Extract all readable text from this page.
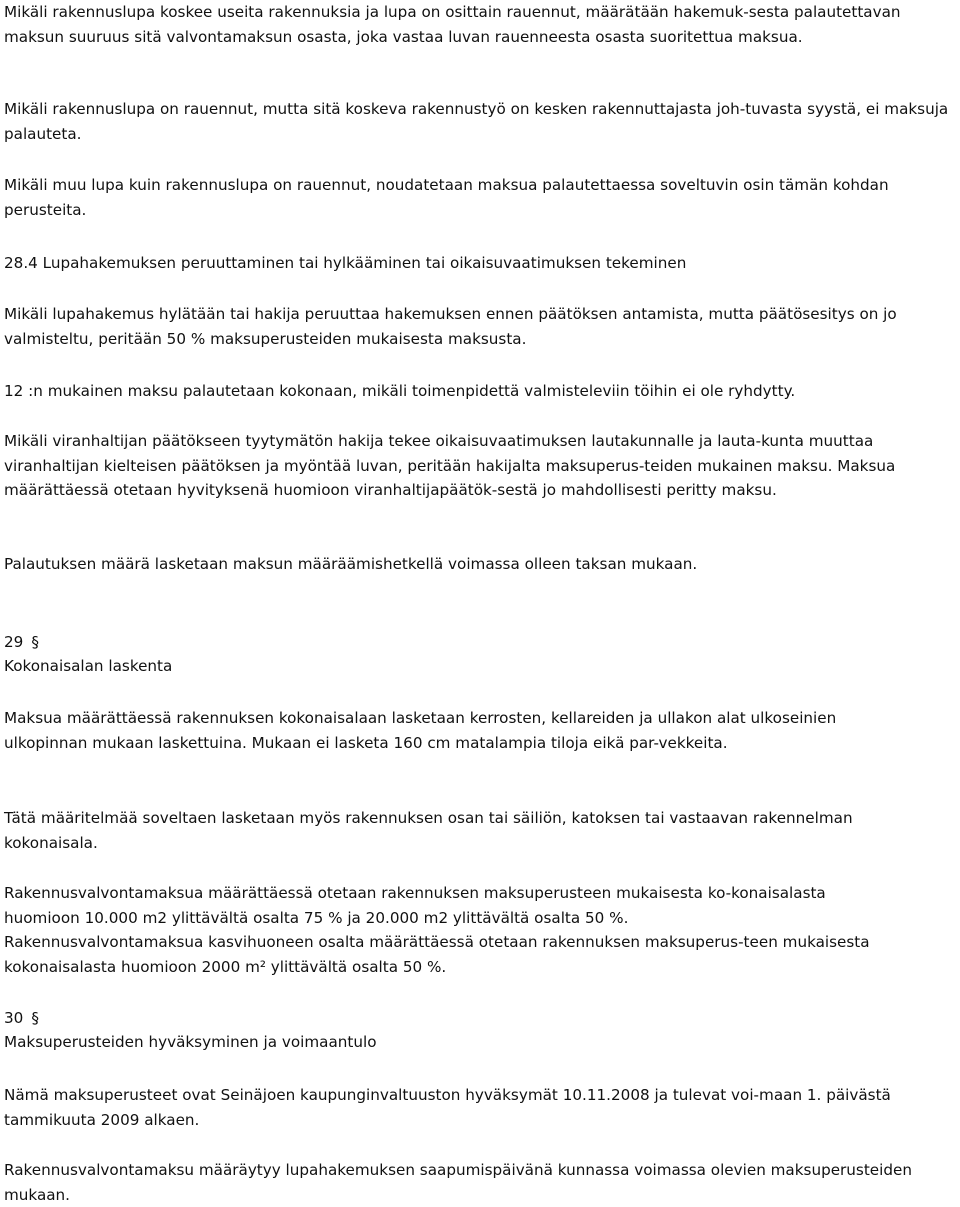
Mikäli rakennuslupa koskee useita rakennuksia ja lupa on osittain rauennut, määrätään hakemuk-sesta palautettavan maksun suuruus sitä valvontamaksun osasta, joka vastaa luvan rauenneesta osasta suoritettua maksua.

Mikäli rakennuslupa on rauennut, mutta sitä koskeva rakennustyö on kesken rakennuttajasta joh-tuvasta syystä, ei maksuja palauteta.

Mikäli muu lupa kuin rakennuslupa on rauennut, noudatetaan maksua palautettaessa soveltuvin osin tämän kohdan perusteita.

28.4 Lupahakemuksen peruuttaminen tai hylkääminen tai oikaisuvaatimuksen tekeminen

Mikäli lupahakemus hylätään tai hakija peruuttaa hakemuksen ennen päätöksen antamista, mutta päätösesitys on jo valmisteltu, peritään 50 % maksuperusteiden mukaisesta maksusta.

12 :n mukainen maksu palautetaan kokonaan, mikäli toimenpidettä valmisteleviin töihin ei ole ryhdytty.

Mikäli viranhaltijan päätökseen tyytymätön hakija tekee oikaisuvaatimuksen lautakunnalle ja lauta-kunta muuttaa viranhaltijan kielteisen päätöksen ja myöntää luvan, peritään hakijalta maksuperus-teiden mukainen maksu. Maksua määrättäessä otetaan hyvityksenä huomioon viranhaltijapäätök-sestä jo mahdollisesti peritty maksu.

Palautuksen määrä lasketaan maksun määräämishetkellä voimassa olleen taksan mukaan.

29 §

Kokonaisalan laskenta

Maksua määrättäessä rakennuksen kokonaisalaan lasketaan kerrosten, kellareiden ja ullakon alat ulkoseinien ulkopinnan mukaan laskettuina. Mukaan ei lasketa 160 cm matalampia tiloja eikä par-vekkeita.

Tätä määritelmää soveltaen lasketaan myös rakennuksen osan tai säiliön, katoksen tai vastaavan rakennelman kokonaisala.

Rakennusvalvontamaksua määrättäessä otetaan rakennuksen maksuperusteen mukaisesta ko-konaisalasta huomioon 10.000 m2 ylittävältä osalta 75 % ja 20.000 m2 ylittävältä osalta 50 %.

Rakennusvalvontamaksua kasvihuoneen osalta määrättäessä otetaan rakennuksen maksuperus-teen mukaisesta kokonaisalasta huomioon 2000 m² ylittävältä osalta 50 %.

30 §

Maksuperusteiden hyväksyminen ja voimaantulo

Nämä maksuperusteet ovat Seinäjoen kaupunginvaltuuston hyväksymät 10.11.2008 ja tulevat voi-maan 1. päivästä tammikuuta 2009 alkaen.

Rakennusvalvontamaksu määräytyy lupahakemuksen saapumispäivänä kunnassa voimassa olevien maksuperusteiden mukaan.
